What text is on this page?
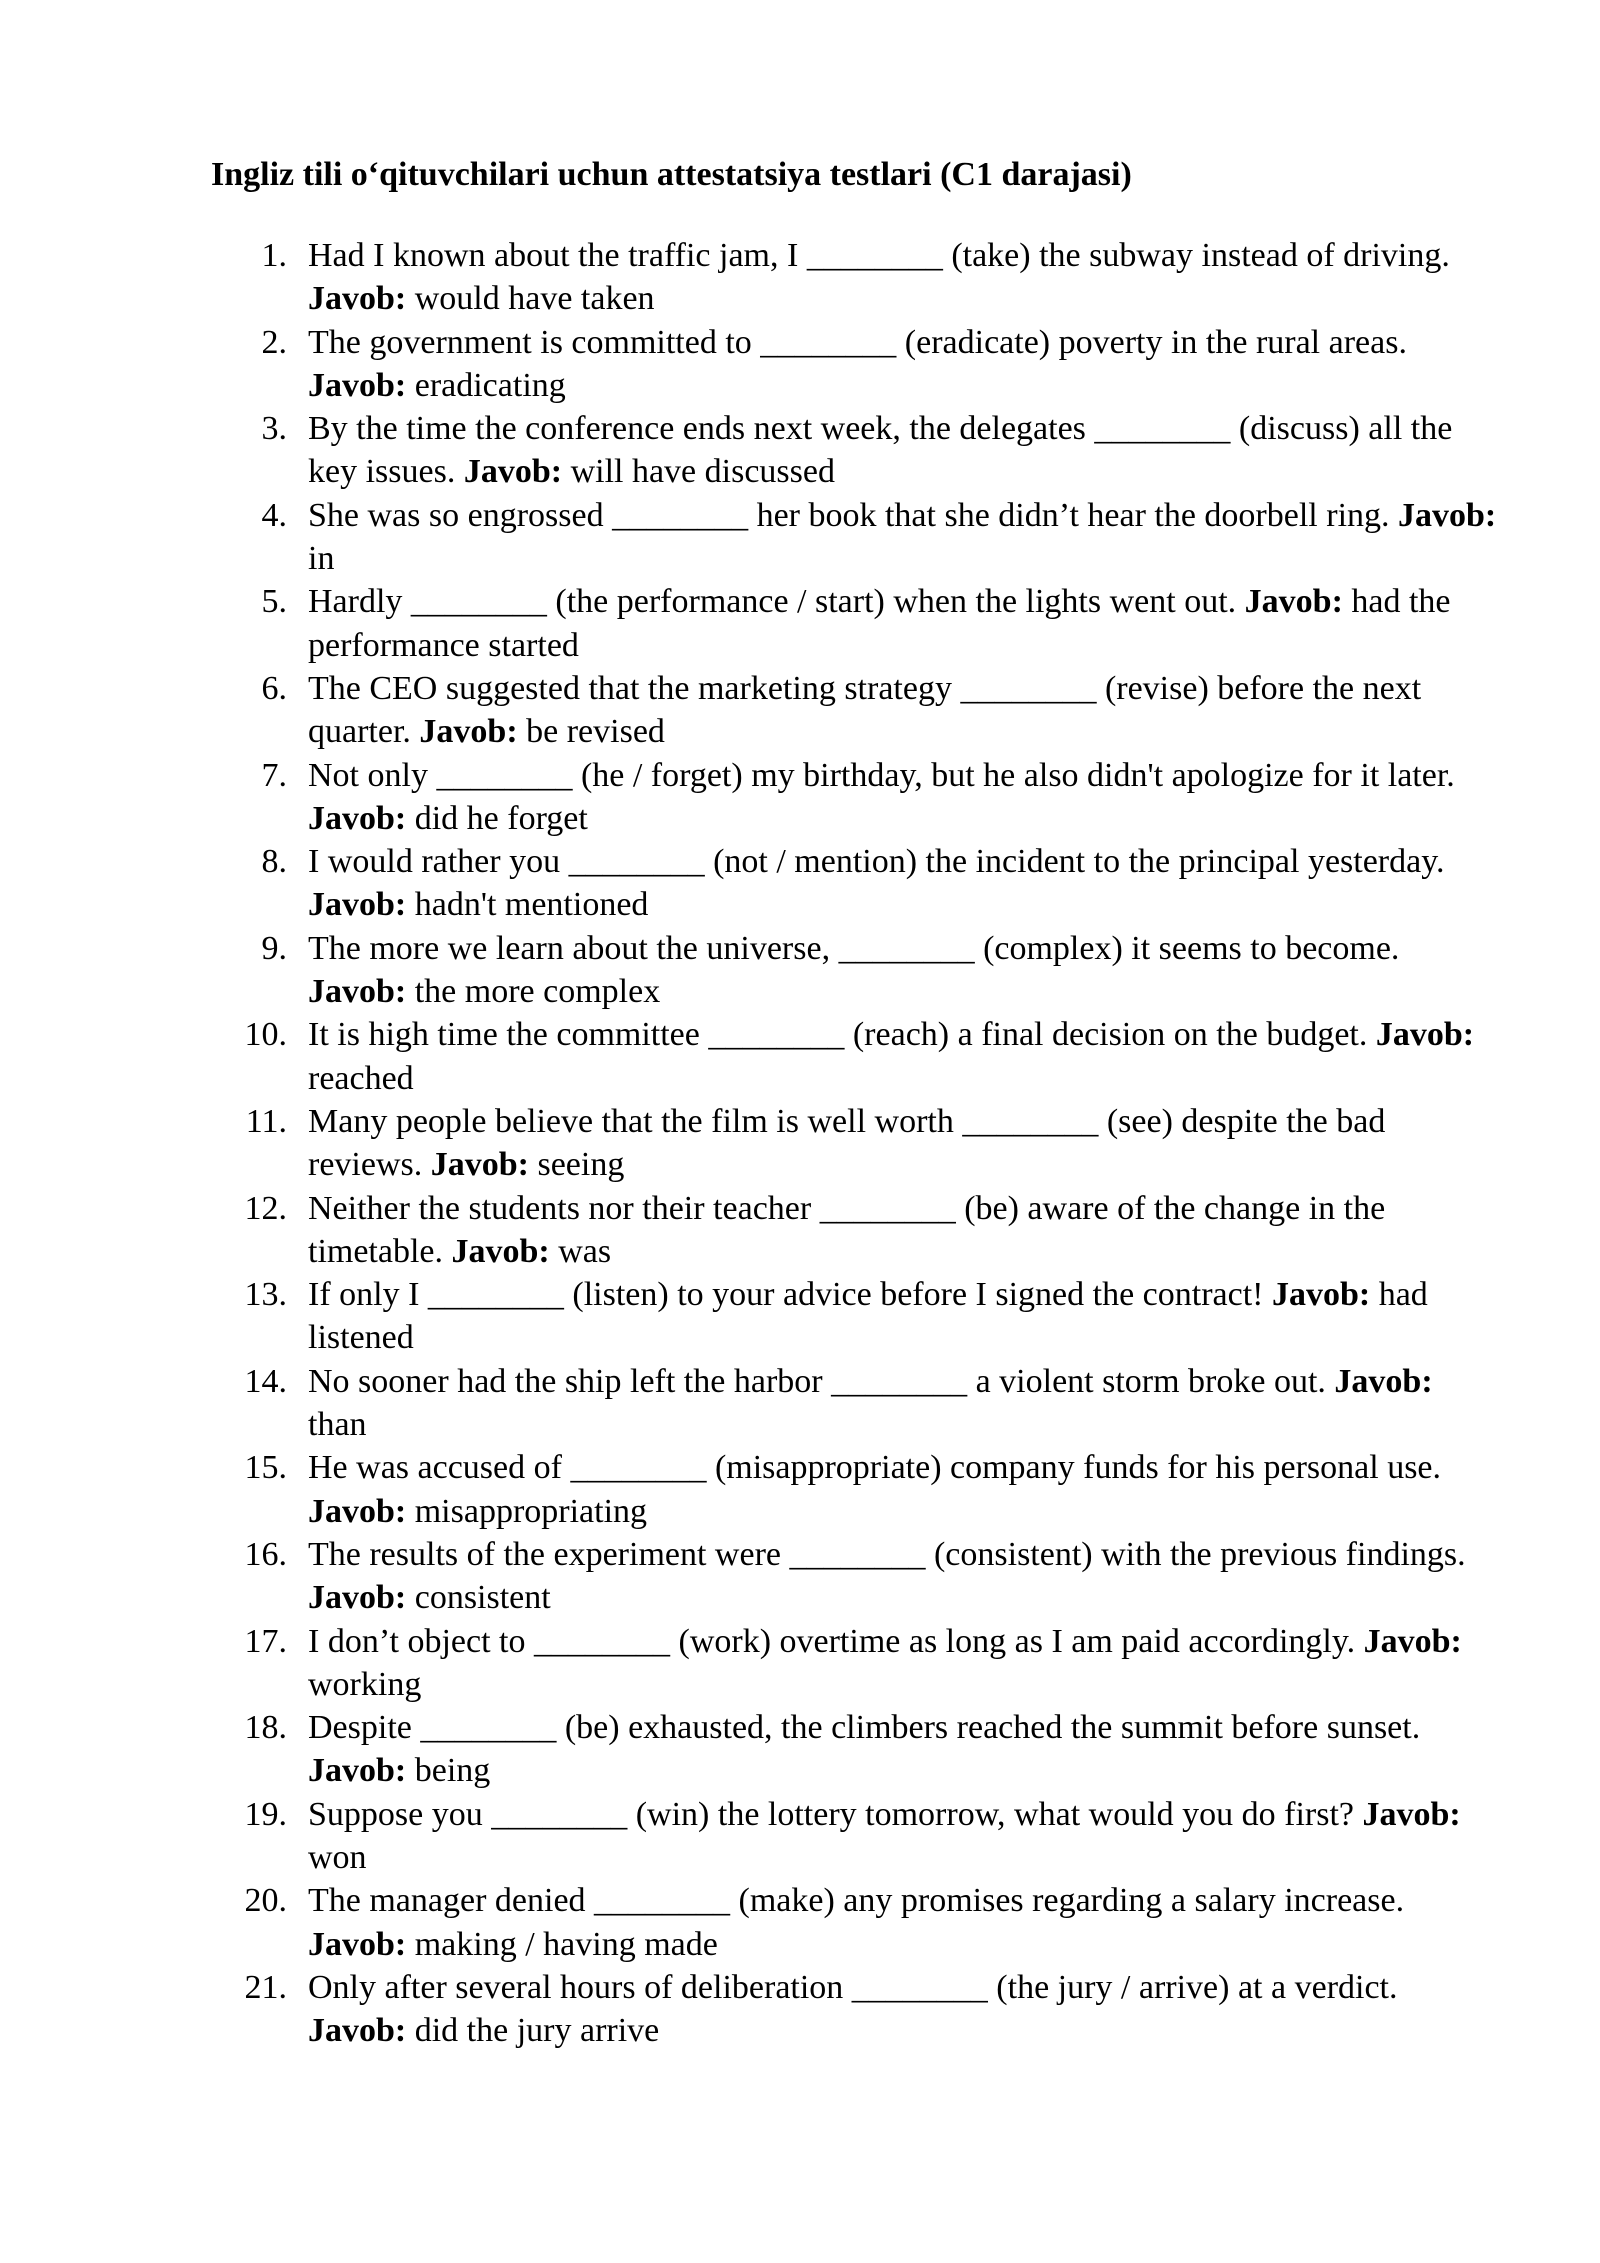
Ingliz tili o‘qituvchilari uchun attestatsiya testlari (C1 darajasi)
1. Had I known about the traffic jam, I ________ (take) the subway instead of driving. Javob: would have taken
2. The government is committed to ________ (eradicate) poverty in the rural areas. Javob: eradicating
3. By the time the conference ends next week, the delegates ________ (discuss) all the key issues. Javob: will have discussed
4. She was so engrossed ________ her book that she didn’t hear the doorbell ring. Javob: in
5. Hardly ________ (the performance / start) when the lights went out. Javob: had the performance started
6. The CEO suggested that the marketing strategy ________ (revise) before the next quarter. Javob: be revised
7. Not only ________ (he / forget) my birthday, but he also didn't apologize for it later. Javob: did he forget
8. I would rather you ________ (not / mention) the incident to the principal yesterday. Javob: hadn't mentioned
9. The more we learn about the universe, ________ (complex) it seems to become. Javob: the more complex
10. It is high time the committee ________ (reach) a final decision on the budget. Javob: reached
11. Many people believe that the film is well worth ________ (see) despite the bad reviews. Javob: seeing
12. Neither the students nor their teacher ________ (be) aware of the change in the timetable. Javob: was
13. If only I ________ (listen) to your advice before I signed the contract! Javob: had listened
14. No sooner had the ship left the harbor ________ a violent storm broke out. Javob: than
15. He was accused of ________ (misappropriate) company funds for his personal use. Javob: misappropriating
16. The results of the experiment were ________ (consistent) with the previous findings. Javob: consistent
17. I don’t object to ________ (work) overtime as long as I am paid accordingly. Javob: working
18. Despite ________ (be) exhausted, the climbers reached the summit before sunset. Javob: being
19. Suppose you ________ (win) the lottery tomorrow, what would you do first? Javob: won
20. The manager denied ________ (make) any promises regarding a salary increase. Javob: making / having made
21. Only after several hours of deliberation ________ (the jury / arrive) at a verdict. Javob: did the jury arrive
